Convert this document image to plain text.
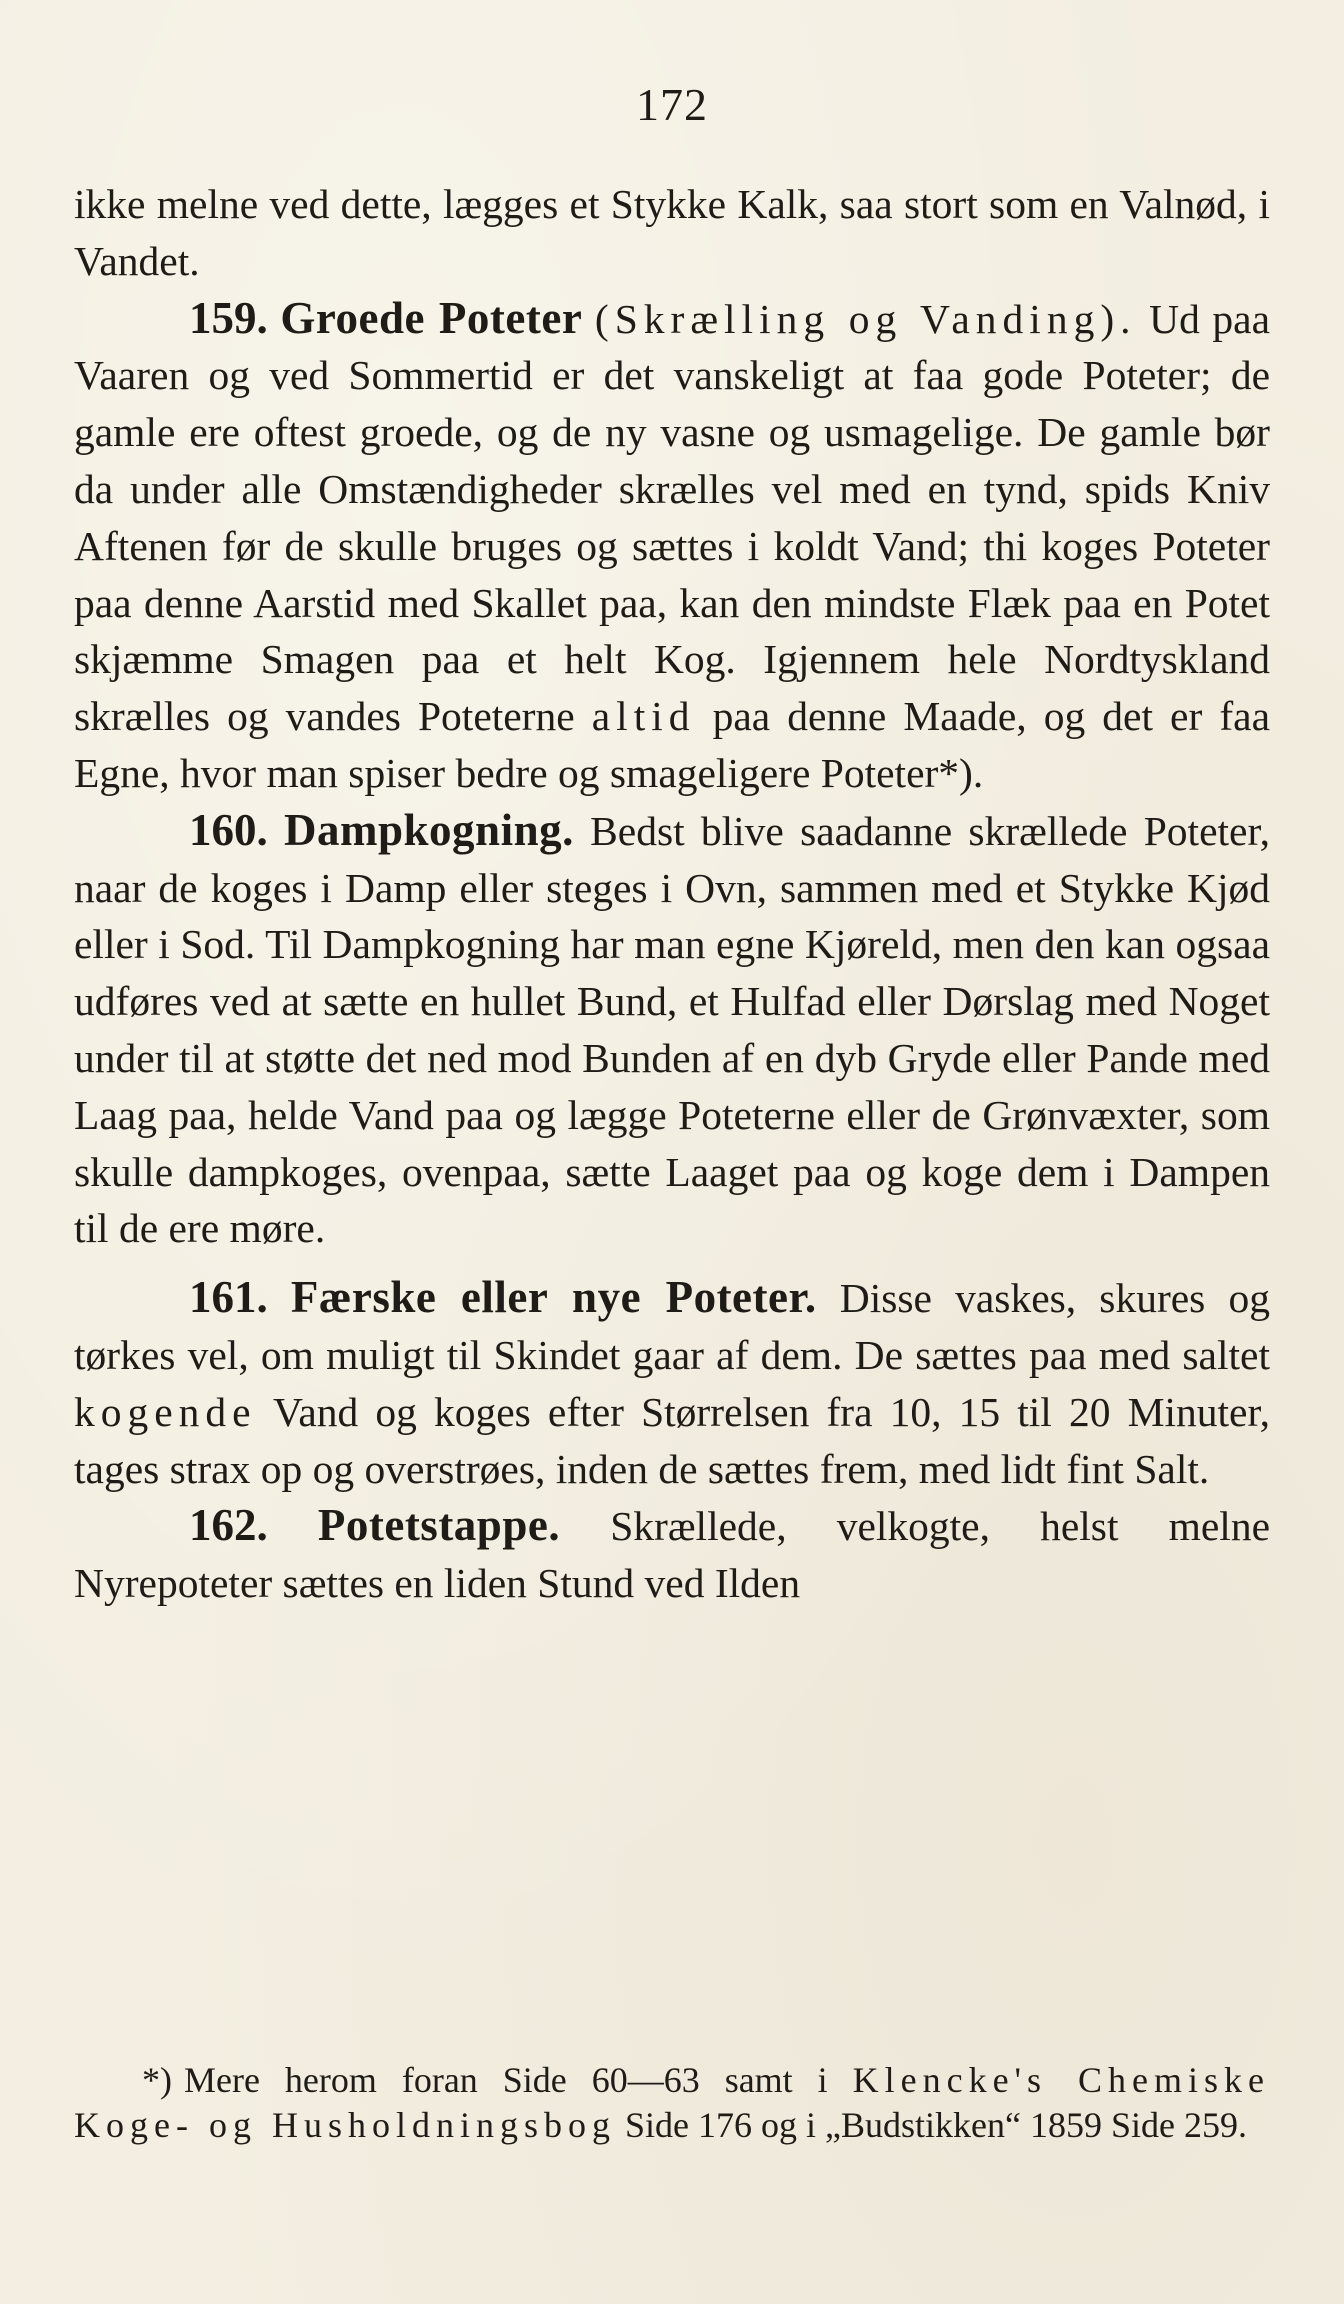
172

ikke melne ved dette, lægges et Stykke Kalk, saa stort som en Valnød, i Vandet.

159. Groede Poteter (Skrælling og Vanding). Ud paa Vaaren og ved Sommertid er det vanskeligt at faa gode Poteter; de gamle ere oftest groede, og de ny vasne og usmagelige. De gamle bør da under alle Omstændigheder skrælles vel med en tynd, spids Kniv Aftenen før de skulle bruges og sættes i koldt Vand; thi koges Poteter paa denne Aarstid med Skallet paa, kan den mindste Flæk paa en Potet skjæmme Smagen paa et helt Kog. Igjennem hele Nordtyskland skrælles og vandes Poteterne altid paa denne Maade, og det er faa Egne, hvor man spiser bedre og smageligere Poteter*).

160. Dampkogning. Bedst blive saadanne skrællede Poteter, naar de koges i Damp eller steges i Ovn, sammen med et Stykke Kjød eller i Sod. Til Dampkogning har man egne Kjøreld, men den kan ogsaa udføres ved at sætte en hullet Bund, et Hulfad eller Dørslag med Noget under til at støtte det ned mod Bunden af en dyb Gryde eller Pande med Laag paa, helde Vand paa og lægge Poteterne eller de Grønvæxter, som skulle dampkoges, ovenpaa, sætte Laaget paa og koge dem i Dampen til de ere møre.

161. Færske eller nye Poteter. Disse vaskes, skures og tørkes vel, om muligt til Skindet gaar af dem. De sættes paa med saltet kogende Vand og koges efter Størrelsen fra 10, 15 til 20 Minuter, tages strax op og overstrøes, inden de sættes frem, med lidt fint Salt.

162. Potetstappe. Skrællede, velkogte, helst melne Nyrepoteter sættes en liden Stund ved Ilden

*) Mere herom foran Side 60—63 samt i Klencke's Chemiske Koge- og Husholdningsbog Side 176 og i „Budstikken“ 1859 Side 259.
